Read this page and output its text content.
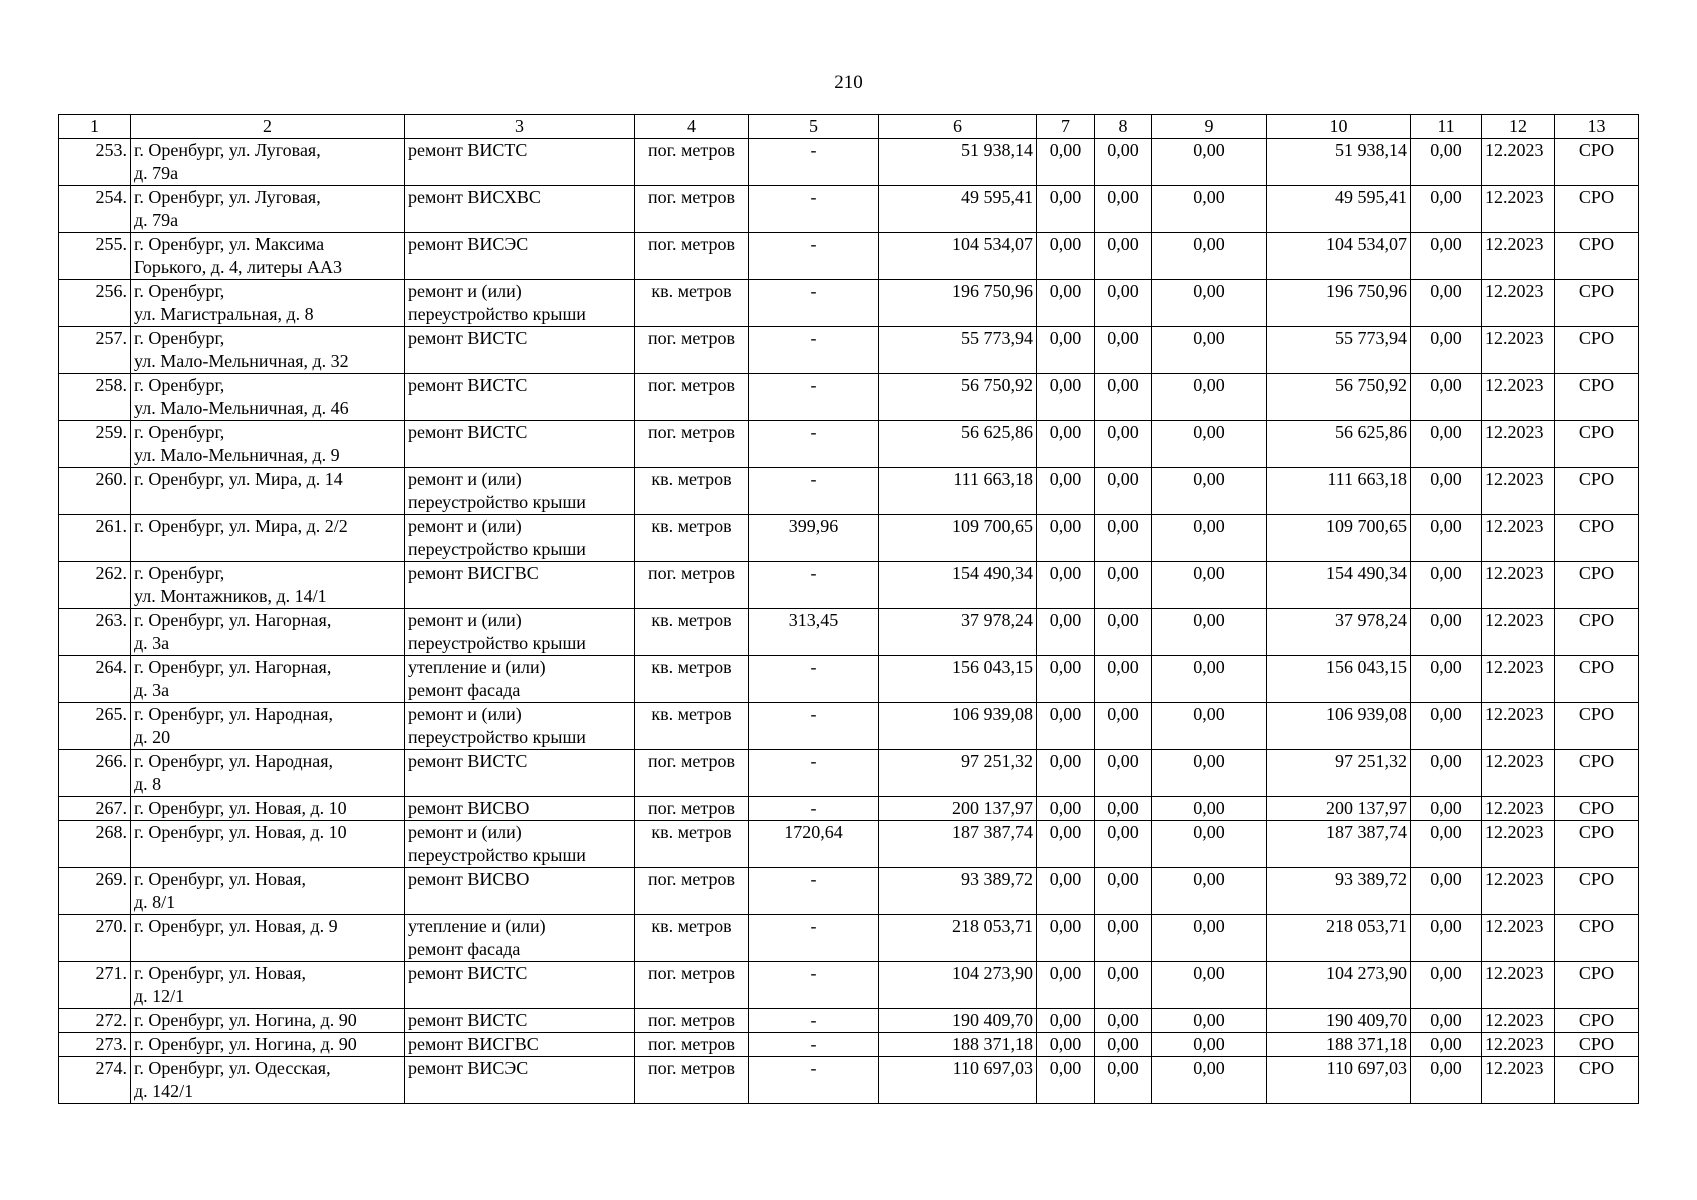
210
1	2	3	4	5	6	7	8	9	10	11	12	13
253.	г. Оренбург, ул. Луговая,
д. 79а	ремонт ВИСТС	пог. метров	-	51 938,14	0,00	0,00	0,00	51 938,14	0,00	12.2023	СРО
254.	г. Оренбург, ул. Луговая,
д. 79а	ремонт ВИСХВС	пог. метров	-	49 595,41	0,00	0,00	0,00	49 595,41	0,00	12.2023	СРО
255.	г. Оренбург, ул. Максима
Горького, д. 4, литеры АА3	ремонт ВИСЭС	пог. метров	-	104 534,07	0,00	0,00	0,00	104 534,07	0,00	12.2023	СРО
256.	г. Оренбург,
ул. Магистральная, д. 8	ремонт и (или)
переустройство крыши	кв. метров	-	196 750,96	0,00	0,00	0,00	196 750,96	0,00	12.2023	СРО
257.	г. Оренбург,
ул. Мало-Мельничная, д. 32	ремонт ВИСТС	пог. метров	-	55 773,94	0,00	0,00	0,00	55 773,94	0,00	12.2023	СРО
258.	г. Оренбург,
ул. Мало-Мельничная, д. 46	ремонт ВИСТС	пог. метров	-	56 750,92	0,00	0,00	0,00	56 750,92	0,00	12.2023	СРО
259.	г. Оренбург,
ул. Мало-Мельничная, д. 9	ремонт ВИСТС	пог. метров	-	56 625,86	0,00	0,00	0,00	56 625,86	0,00	12.2023	СРО
260.	г. Оренбург, ул. Мира, д. 14	ремонт и (или)
переустройство крыши	кв. метров	-	111 663,18	0,00	0,00	0,00	111 663,18	0,00	12.2023	СРО
261.	г. Оренбург, ул. Мира, д. 2/2	ремонт и (или)
переустройство крыши	кв. метров	399,96	109 700,65	0,00	0,00	0,00	109 700,65	0,00	12.2023	СРО
262.	г. Оренбург,
ул. Монтажников, д. 14/1	ремонт ВИСГВС	пог. метров	-	154 490,34	0,00	0,00	0,00	154 490,34	0,00	12.2023	СРО
263.	г. Оренбург, ул. Нагорная,
д. 3а	ремонт и (или)
переустройство крыши	кв. метров	313,45	37 978,24	0,00	0,00	0,00	37 978,24	0,00	12.2023	СРО
264.	г. Оренбург, ул. Нагорная,
д. 3а	утепление и (или)
ремонт фасада	кв. метров	-	156 043,15	0,00	0,00	0,00	156 043,15	0,00	12.2023	СРО
265.	г. Оренбург, ул. Народная,
д. 20	ремонт и (или)
переустройство крыши	кв. метров	-	106 939,08	0,00	0,00	0,00	106 939,08	0,00	12.2023	СРО
266.	г. Оренбург, ул. Народная,
д. 8	ремонт ВИСТС	пог. метров	-	97 251,32	0,00	0,00	0,00	97 251,32	0,00	12.2023	СРО
267.	г. Оренбург, ул. Новая, д. 10	ремонт ВИСВО	пог. метров	-	200 137,97	0,00	0,00	0,00	200 137,97	0,00	12.2023	СРО
268.	г. Оренбург, ул. Новая, д. 10	ремонт и (или)
переустройство крыши	кв. метров	1720,64	187 387,74	0,00	0,00	0,00	187 387,74	0,00	12.2023	СРО
269.	г. Оренбург, ул. Новая,
д. 8/1	ремонт ВИСВО	пог. метров	-	93 389,72	0,00	0,00	0,00	93 389,72	0,00	12.2023	СРО
270.	г. Оренбург, ул. Новая, д. 9	утепление и (или)
ремонт фасада	кв. метров	-	218 053,71	0,00	0,00	0,00	218 053,71	0,00	12.2023	СРО
271.	г. Оренбург, ул. Новая,
д. 12/1	ремонт ВИСТС	пог. метров	-	104 273,90	0,00	0,00	0,00	104 273,90	0,00	12.2023	СРО
272.	г. Оренбург, ул. Ногина, д. 90	ремонт ВИСТС	пог. метров	-	190 409,70	0,00	0,00	0,00	190 409,70	0,00	12.2023	СРО
273.	г. Оренбург, ул. Ногина, д. 90	ремонт ВИСГВС	пог. метров	-	188 371,18	0,00	0,00	0,00	188 371,18	0,00	12.2023	СРО
274.	г. Оренбург, ул. Одесская,
д. 142/1	ремонт ВИСЭС	пог. метров	-	110 697,03	0,00	0,00	0,00	110 697,03	0,00	12.2023	СРО
